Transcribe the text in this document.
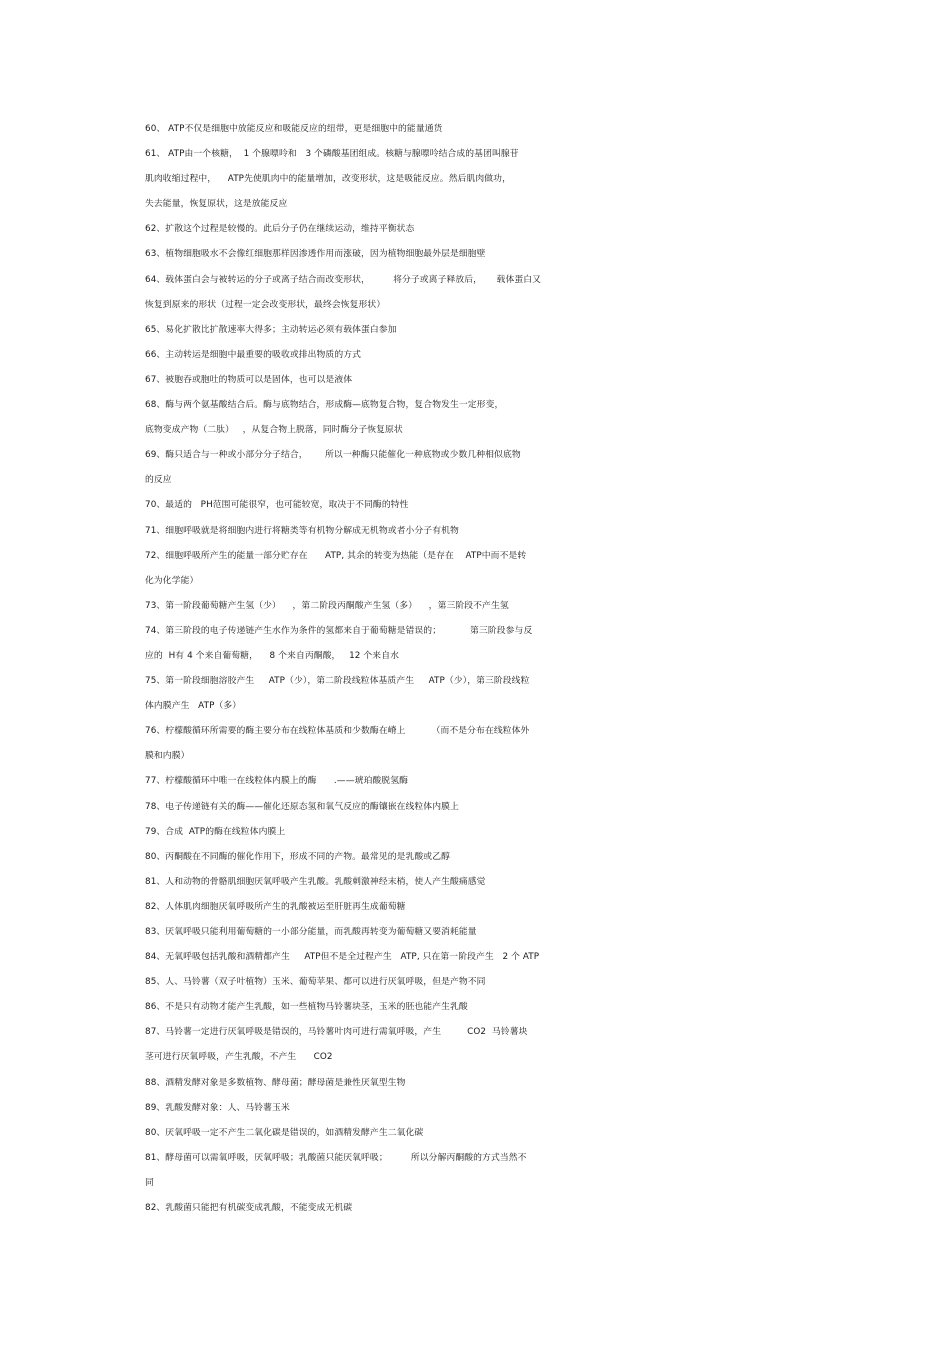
60、 ATP不仅是细胞中放能反应和吸能反应的纽带，更是细胞中的能量通货
61、 ATP由一个核糖，  1 个腺嘌呤和   3 个磷酸基团组成。核糖与腺嘌呤结合成的基团叫腺苷
肌肉收缩过程中，    ATP先使肌肉中的能量增加，改变形状，这是吸能反应。然后肌肉做功，
失去能量，恢复原状，这是放能反应
62、扩散这个过程是较慢的。此后分子仍在继续运动，维持平衡状态
63、植物细胞吸水不会像红细胞那样因渗透作用而涨破，因为植物细胞最外层是细胞壁
64、载体蛋白会与被转运的分子或离子结合而改变形状，        将分子或离子释放后，     载体蛋白又
恢复到原来的形状（过程一定会改变形状，最终会恢复形状）
65、易化扩散比扩散速率大得多；主动转运必须有载体蛋白参加
66、主动转运是细胞中最重要的吸收或排出物质的方式
67、被胞吞或胞吐的物质可以是固体，也可以是液体
68、酶与两个氨基酸结合后。酶与底物结合，形成酶—底物复合物，复合物发生一定形变，
底物变成产物（二肽）   ，从复合物上脱落，同时酶分子恢复原状
69、酶只适合与一种或小部分分子结合，      所以一种酶只能催化一种底物或少数几种相似底物
的反应
70、最适的   PH范围可能很窄，也可能较宽，取决于不同酶的特性
71、细胞呼吸就是将细胞内进行将糖类等有机物分解成无机物或者小分子有机物
72、细胞呼吸所产生的能量一部分贮存在      ATP, 其余的转变为热能（是存在    ATP中而不是转
化为化学能）
73、第一阶段葡萄糖产生氢（少）    ，第二阶段丙酮酸产生氢（多）    ，第三阶段不产生氢
74、第三阶段的电子传递链产生水作为条件的氢都来自于葡萄糖是错误的；          第三阶段参与反
应的  H有 4 个来自葡萄糖，    8 个来自丙酮酸，   12 个来自水
75、第一阶段细胞溶胶产生     ATP（少），第二阶段线粒体基质产生     ATP（少），第三阶段线粒
体内膜产生   ATP（多）
76、柠檬酸循环所需要的酶主要分布在线粒体基质和少数酶在嵴上         （而不是分布在线粒体外
膜和内膜）
77、柠檬酸循环中唯一在线粒体内膜上的酶      .——琥珀酸脱氢酶
78、电子传递链有关的酶——催化还原态氢和氧气反应的酶镶嵌在线粒体内膜上
79、合成  ATP的酶在线粒体内膜上
80、丙酮酸在不同酶的催化作用下，形成不同的产物。最常见的是乳酸或乙醇
81、人和动物的骨骼肌细胞厌氧呼吸产生乳酸。乳酸刺激神经末梢，使人产生酸痛感觉
82、人体肌肉细胞厌氧呼吸所产生的乳酸被运至肝脏再生成葡萄糖
83、厌氧呼吸只能利用葡萄糖的一小部分能量，而乳酸再转变为葡萄糖又要消耗能量
84、无氧呼吸包括乳酸和酒精都产生     ATP但不是全过程产生   ATP, 只在第一阶段产生   2 个 ATP
85、人、马铃薯（双子叶植物）玉米、葡萄苹果、都可以进行厌氧呼吸，但是产物不同
86、不是只有动物才能产生乳酸，如一些植物马铃薯块茎，玉米的胚也能产生乳酸
87、马铃薯一定进行厌氧呼吸是错误的，马铃薯叶肉可进行需氧呼吸，产生         CO2  马铃薯块
茎可进行厌氧呼吸，产生乳酸，不产生      CO2
88、酒精发酵对象是多数植物、酵母菌；酵母菌是兼性厌氧型生物
89、乳酸发酵对象：人、马铃薯玉米
80、厌氧呼吸一定不产生二氧化碳是错误的，如酒精发酵产生二氧化碳
81、酵母菌可以需氧呼吸，厌氧呼吸；乳酸菌只能厌氧呼吸；        所以分解丙酮酸的方式当然不
同
82、乳酸菌只能把有机碳变成乳酸，不能变成无机碳
